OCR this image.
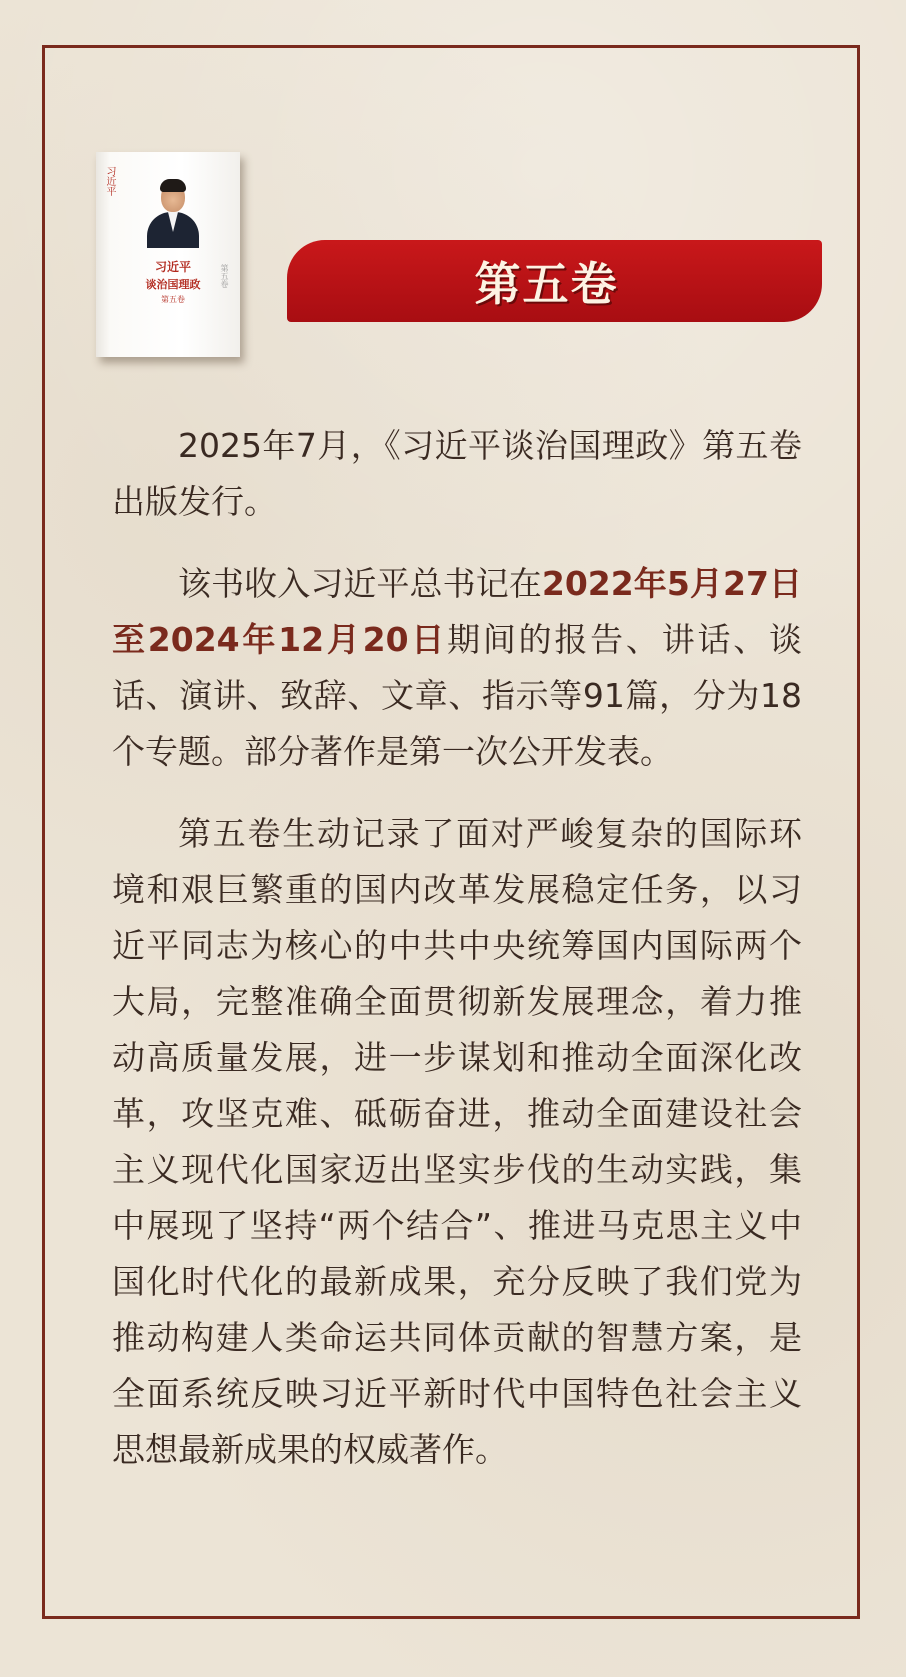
习近平
习近平
谈治国理政
第五卷
第五卷	第五卷

2025年7月，《习近平谈治国理政》第五卷出版发行。

该书收入习近平总书记在2022年5月27日至2024年12月20日期间的报告、讲话、谈话、演讲、致辞、文章、指示等91篇，分为18个专题。部分著作是第一次公开发表。

第五卷生动记录了面对严峻复杂的国际环境和艰巨繁重的国内改革发展稳定任务，以习近平同志为核心的中共中央统筹国内国际两个大局，完整准确全面贯彻新发展理念，着力推动高质量发展，进一步谋划和推动全面深化改革，攻坚克难、砥砺奋进，推动全面建设社会主义现代化国家迈出坚实步伐的生动实践，集中展现了坚持“两个结合”、推进马克思主义中国化时代化的最新成果，充分反映了我们党为推动构建人类命运共同体贡献的智慧方案，是全面系统反映习近平新时代中国特色社会主义思想最新成果的权威著作。
